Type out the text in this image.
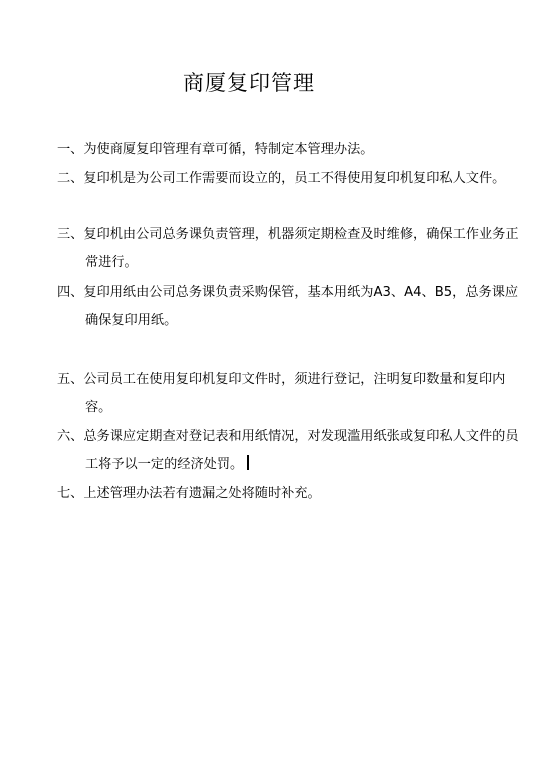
商厦复印管理

一、为使商厦复印管理有章可循，特制定本管理办法。

二、复印机是为公司工作需要而设立的，员工不得使用复印机复印私人文件。

三、复印机由公司总务课负责管理，机器须定期检查及时维修，确保工作业务正常进行。

四、复印用纸由公司总务课负责采购保管，基本用纸为A3、A4、B5，总务课应确保复印用纸。

五、公司员工在使用复印机复印文件时，须进行登记，注明复印数量和复印内容。

六、总务课应定期查对登记表和用纸情况，对发现滥用纸张或复印私人文件的员工将予以一定的经济处罚。

七、上述管理办法若有遗漏之处将随时补充。
